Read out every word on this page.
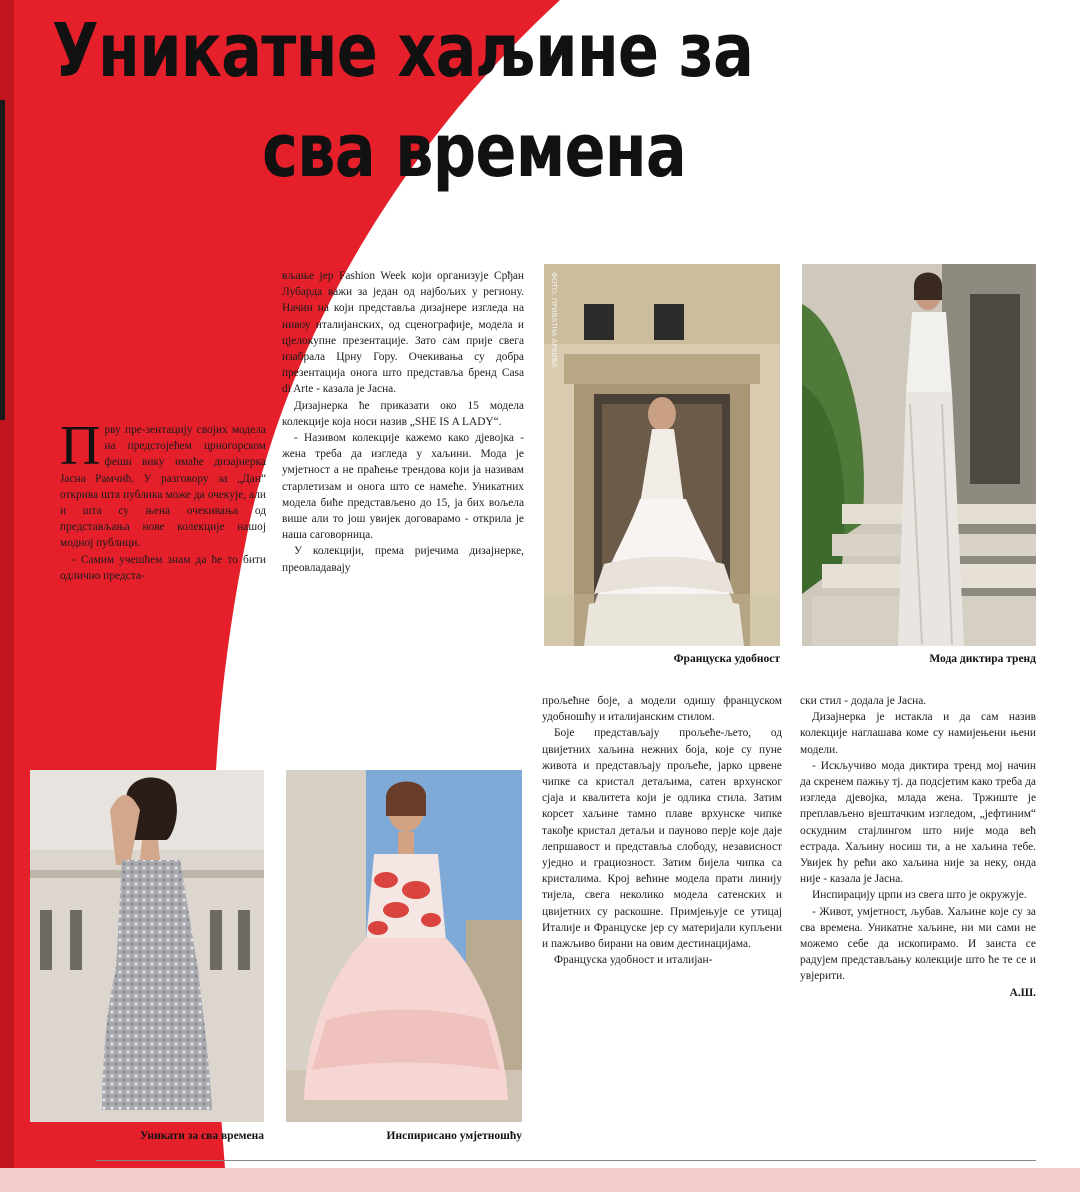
Уникатне хаљине за
сва времена

Прву пре-зентацију својих модела на предстојећем црногорском фешн вику имаће дизајнерка Јасна Рамчић. У разговору за „Дан“ открива шта публика може да очекује, али и шта су њена очекивања од представљања нове колекције нашој модној публици.

- Самим учешћем знам да ће то бити одлично предста-

вљање јер Fashion Week који организује Срђан Лубарда важи за један од најбољих у региону. Начин на који представља дизајнере изгледа на нивоу италијанских, од сценографије, модела и цјелокупне презентације. Зато сам прије свега изабрала Црну Гору. Очекивања су добра презентација онога што представља бренд Casa di Arte - казала је Јасна.

Дизајнерка ће приказати око 15 модела колекције која носи назив „SHE IS A LADY“.

- Називом колекције кажемо како дјевојка - жена треба да изгледа у хаљини. Мода је умјетност а не праћење трендова који ја називам старлетизам и онога што се намеће. Уникатних модела биће представљено до 15, ја бих вољела више али то још увијек договарамо - открила је наша саговорница.

У колекцији, према ријечима дизајнерке, преовладавају

прољећне боје, а модели одишу француском удобношћу и италијанским стилом.

Боје представљају прољеће-љето, од цвијетних хаљина нежних боја, које су пуне живота и представљају прољеће, јарко црвене чипке са кристал детаљима, сатен врхунског сјаја и квалитета који је одлика стила. Затим корсет хаљине тамно плаве врхунске чипке такође кристал детаљи и пауново перје које даје лепршавост и представља слободу, независност уједно и грациозност. Затим бијела чипка са кристалима. Крој већине модела прати линију тијела, свега неколико модела сатенских и цвијетних су раскошне. Примјењује се утицај Италије и Француске јер су материјали купљени и пажљиво бирани на овим дестинацијама.

Француска удобност и италијан-

ски стил - додала је Јасна.

Дизајнерка је истакла и да сам назив колекције наглашава коме су намијењени њени модели.

- Искључиво мода диктира тренд мој начин да скренем пажњу тј. да подсјетим како треба да изгледа дјевојка, млада жена. Тржиште је преплављено вјештачким изгледом, „јефтиним“ оскудним стајлингом што није мода већ естрада. Хаљину носиш ти, а не хаљина тебе. Увијек ћу рећи ако хаљина није за неку, онда није - казала је Јасна.

Инспирацију црпи из свега што је окружује.

- Живот, умјетност, љубав. Хаљине које су за сва времена. Уникатне хаљине, ни ми сами не можемо себе да ископирамо. И заиста се радујем представљању колекције што ће те се и увјерити.

А.Ш.

ФОТО: ПРИВАТНА АРХИВА
Француска удобност	Мода диктира тренд
Уникати за сва времена	Инспирисано умјетношћу
